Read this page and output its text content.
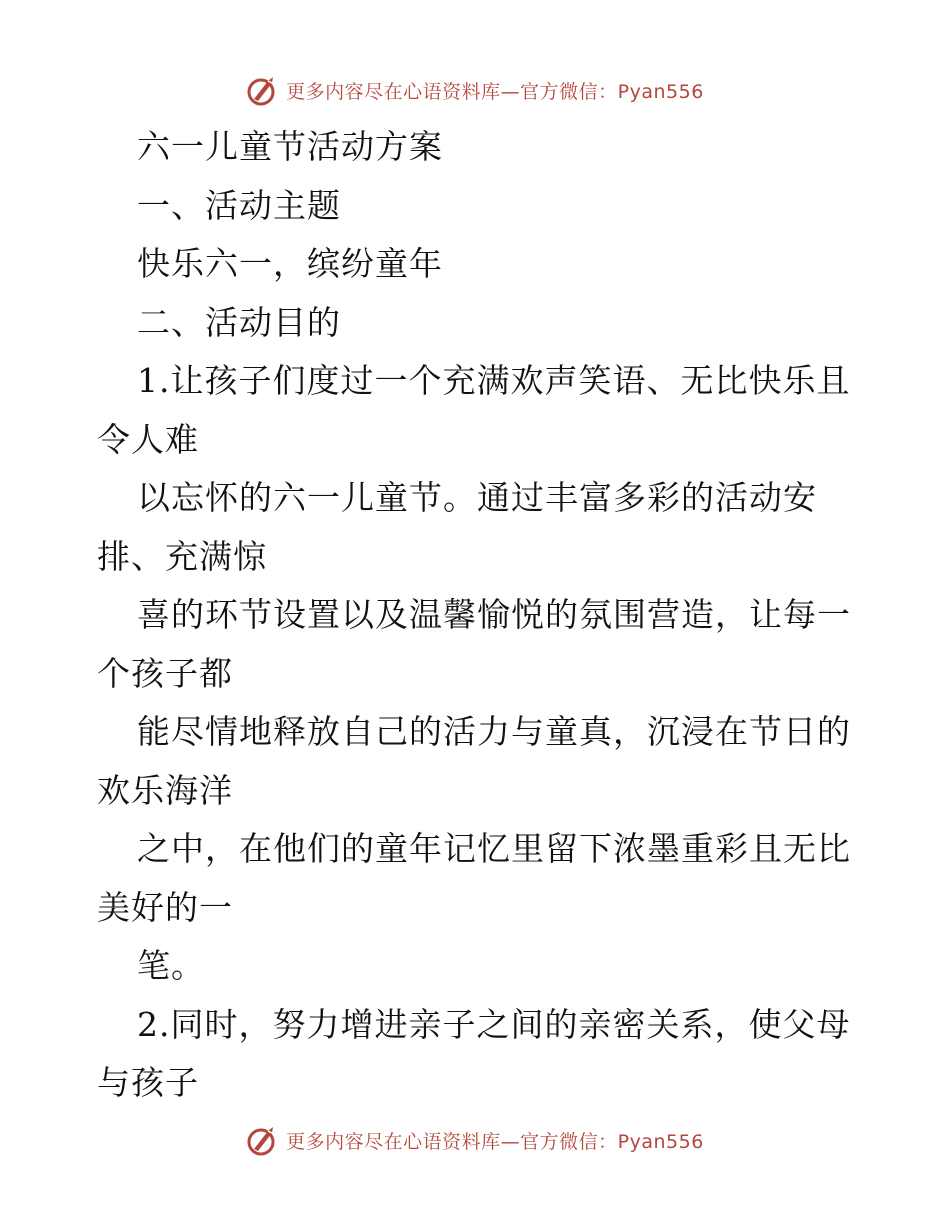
更多内容尽在心语资料库—官方微信：Pyan556
六一儿童节活动方案
一、活动主题
快乐六一，缤纷童年
二、活动目的
1.让孩子们度过一个充满欢声笑语、无比快乐且
令人难
以忘怀的六一儿童节。通过丰富多彩的活动安
排、充满惊
喜的环节设置以及温馨愉悦的氛围营造，让每一
个孩子都
能尽情地释放自己的活力与童真，沉浸在节日的
欢乐海洋
之中，在他们的童年记忆里留下浓墨重彩且无比
美好的一
笔。
2.同时，努力增进亲子之间的亲密关系，使父母
与孩子
更多内容尽在心语资料库—官方微信：Pyan556
